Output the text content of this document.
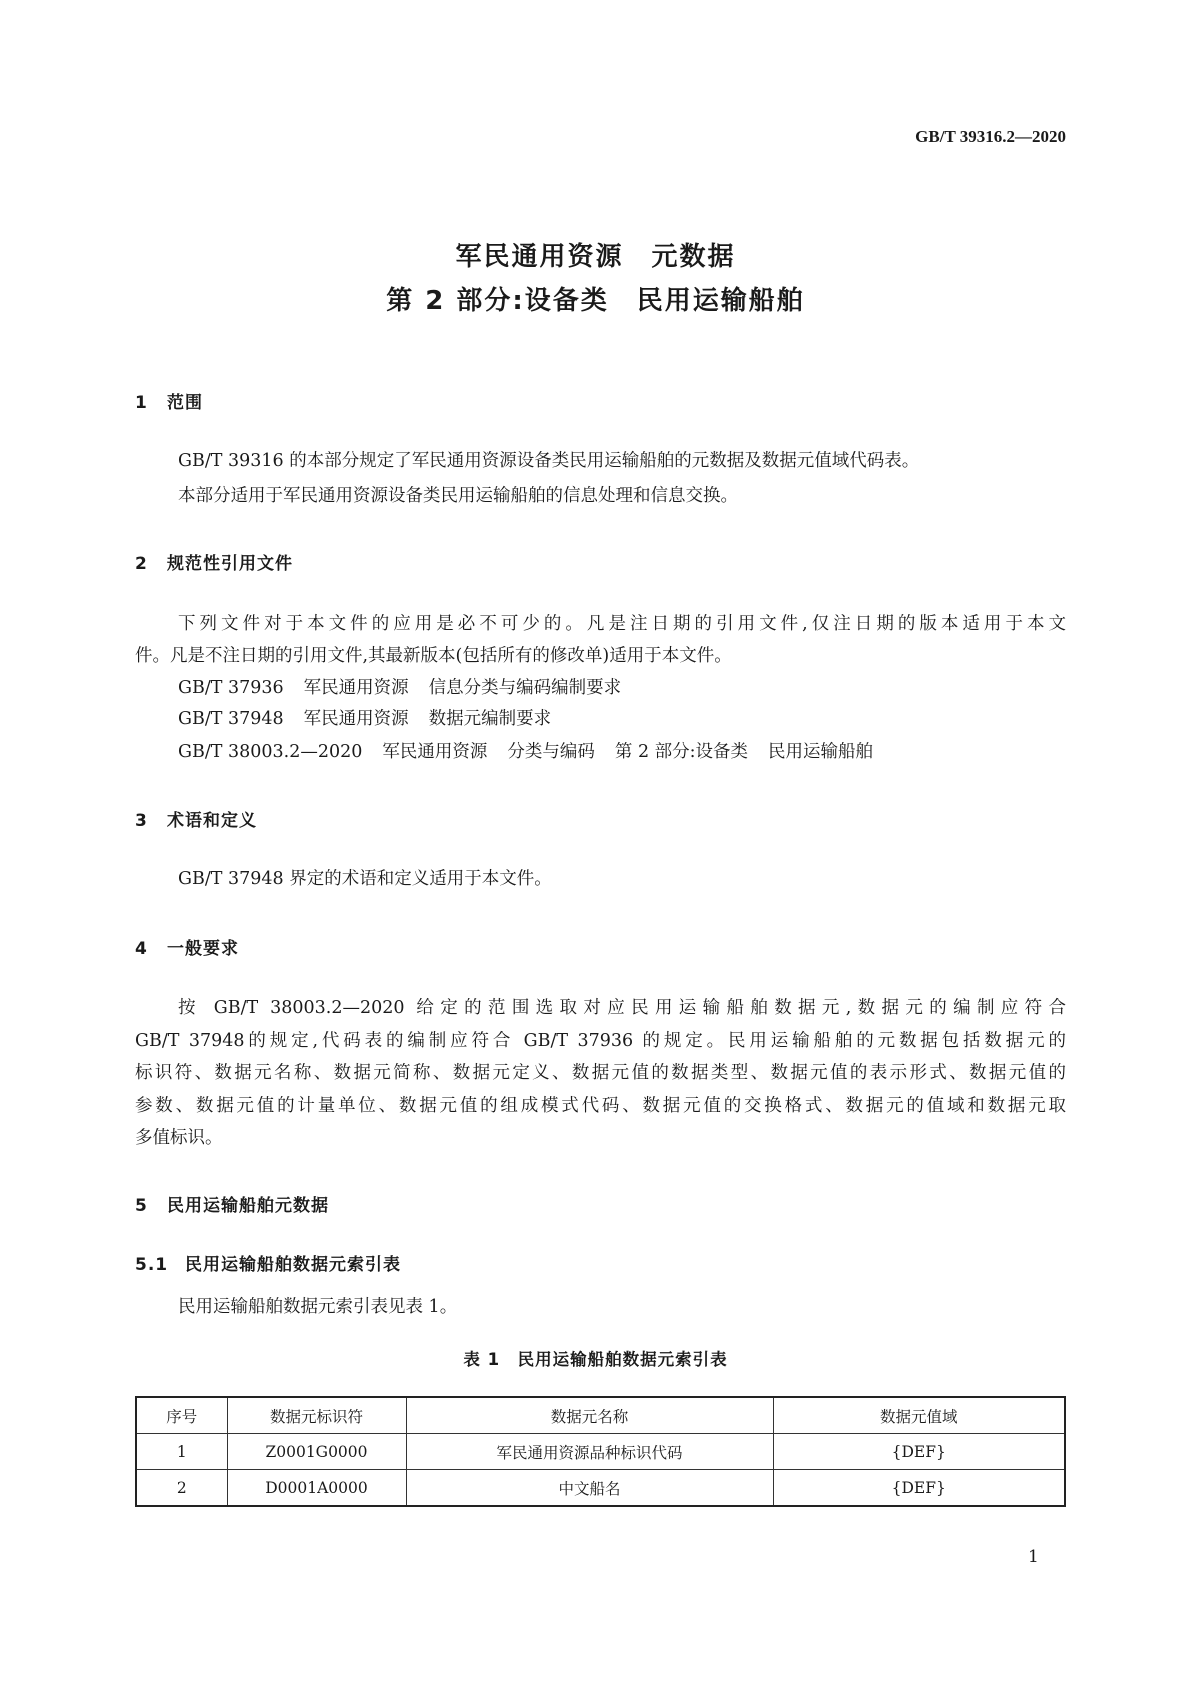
GB/T 39316.2—2020
军民通用资源　元数据
第 2 部分:设备类　民用运输船舶
1 范围
GB/T 39316 的本部分规定了军民通用资源设备类民用运输船舶的元数据及数据元值域代码表。
本部分适用于军民通用资源设备类民用运输船舶的信息处理和信息交换。
2 规范性引用文件
下列文件对于本文件的应用是必不可少的。凡是注日期的引用文件,仅注日期的版本适用于本文
件。凡是不注日期的引用文件,其最新版本(包括所有的修改单)适用于本文件。
GB/T 37936 军民通用资源 信息分类与编码编制要求
GB/T 37948 军民通用资源 数据元编制要求
GB/T 38003.2—2020 军民通用资源 分类与编码 第 2 部分:设备类 民用运输船舶
3 术语和定义
GB/T 37948 界定的术语和定义适用于本文件。
4 一般要求
按 GB/T 38003.2—2020 给定的范围选取对应民用运输船舶数据元,数据元的编制应符合
GB/T 37948的规定,代码表的编制应符合 GB/T 37936 的规定。民用运输船舶的元数据包括数据元的
标识符、数据元名称、数据元简称、数据元定义、数据元值的数据类型、数据元值的表示形式、数据元值的
参数、数据元值的计量单位、数据元值的组成模式代码、数据元值的交换格式、数据元的值域和数据元取
多值标识。
5 民用运输船舶元数据
5.1 民用运输船舶数据元索引表
民用运输船舶数据元索引表见表 1。
表 1　民用运输船舶数据元索引表
序号	数据元标识符	数据元名称	数据元值域
1	Z0001G0000	军民通用资源品种标识代码	{DEF}
2	D0001A0000	中文船名	{DEF}
1
